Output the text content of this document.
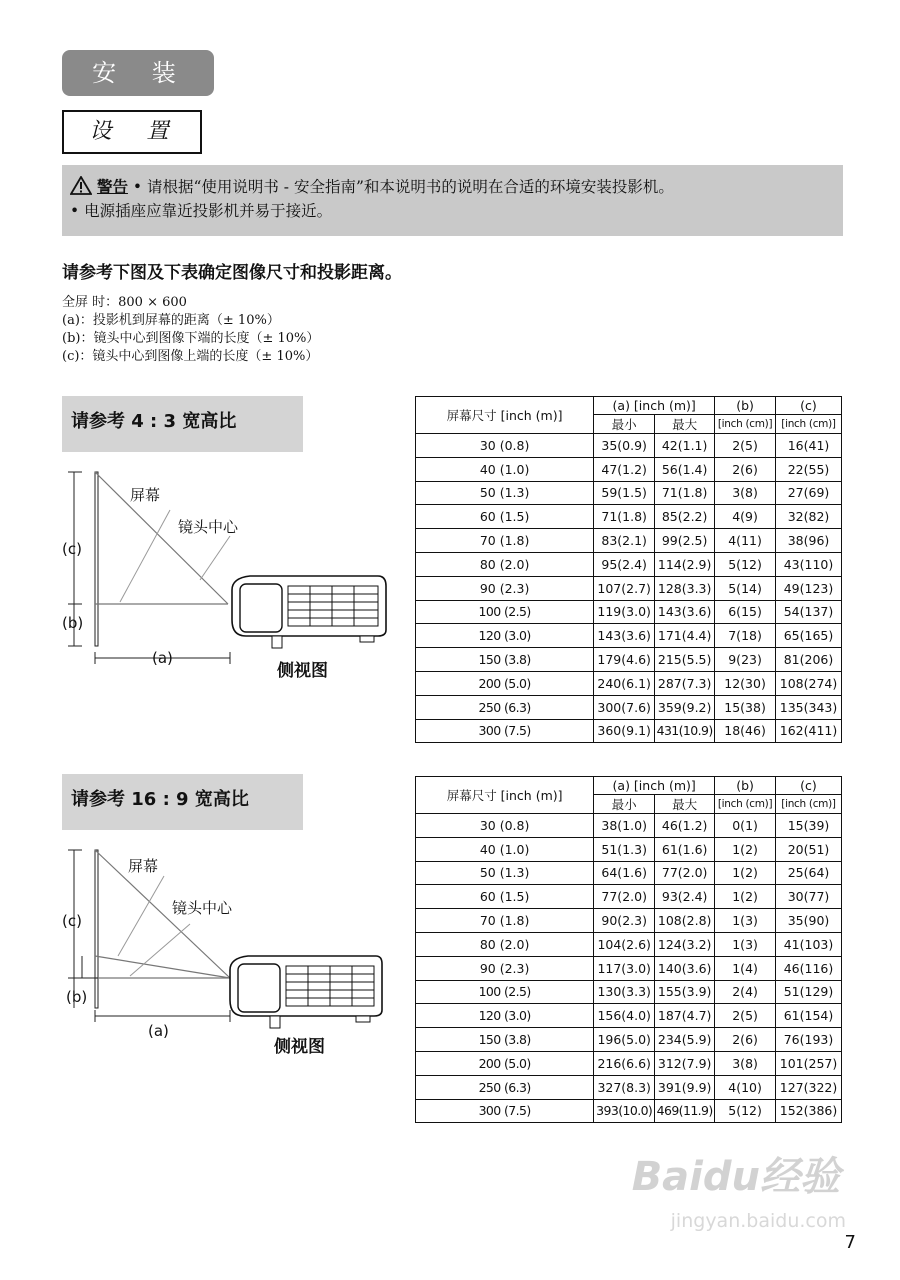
安 装
设 置
警告 • 请根据“使用说明书 - 安全指南”和本说明书的说明在合适的环境安装投影机。
• 电源插座应靠近投影机并易于接近。
请参考下图及下表确定图像尺寸和投影距离。
全屏 时：800 × 600
(a)：投影机到屏幕的距离（± 10%）
(b)：镜头中心到图像下端的长度（± 10%）
(c)：镜头中心到图像上端的长度（± 10%）
请参考 4 : 3 宽高比
屏幕
镜头中心
(c)
(b)
(a)
侧视图
屏幕尺寸 [inch (m)]	(a) [inch (m)]		(b)	(c)
	最小	最大	[inch (cm)]	[inch (cm)]
30 (0.8)	35(0.9)	42(1.1)	2(5)	16(41)
40 (1.0)	47(1.2)	56(1.4)	2(6)	22(55)
50 (1.3)	59(1.5)	71(1.8)	3(8)	27(69)
60 (1.5)	71(1.8)	85(2.2)	4(9)	32(82)
70 (1.8)	83(2.1)	99(2.5)	4(11)	38(96)
80 (2.0)	95(2.4)	114(2.9)	5(12)	43(110)
90 (2.3)	107(2.7)	128(3.3)	5(14)	49(123)
100 (2.5)	119(3.0)	143(3.6)	6(15)	54(137)
120 (3.0)	143(3.6)	171(4.4)	7(18)	65(165)
150 (3.8)	179(4.6)	215(5.5)	9(23)	81(206)
200 (5.0)	240(6.1)	287(7.3)	12(30)	108(274)
250 (6.3)	300(7.6)	359(9.2)	15(38)	135(343)
300 (7.5)	360(9.1)	431(10.9)	18(46)	162(411)
请参考 16 : 9 宽高比
屏幕
镜头中心
(c)
(b)
(a)
侧视图
屏幕尺寸 [inch (m)]	(a) [inch (m)]		(b)	(c)
	最小	最大	[inch (cm)]	[inch (cm)]
30 (0.8)	38(1.0)	46(1.2)	0(1)	15(39)
40 (1.0)	51(1.3)	61(1.6)	1(2)	20(51)
50 (1.3)	64(1.6)	77(2.0)	1(2)	25(64)
60 (1.5)	77(2.0)	93(2.4)	1(2)	30(77)
70 (1.8)	90(2.3)	108(2.8)	1(3)	35(90)
80 (2.0)	104(2.6)	124(3.2)	1(3)	41(103)
90 (2.3)	117(3.0)	140(3.6)	1(4)	46(116)
100 (2.5)	130(3.3)	155(3.9)	2(4)	51(129)
120 (3.0)	156(4.0)	187(4.7)	2(5)	61(154)
150 (3.8)	196(5.0)	234(5.9)	2(6)	76(193)
200 (5.0)	216(6.6)	312(7.9)	3(8)	101(257)
250 (6.3)	327(8.3)	391(9.9)	4(10)	127(322)
300 (7.5)	393(10.0)	469(11.9)	5(12)	152(386)
Baidu经验
jingyan.baidu.com
7
